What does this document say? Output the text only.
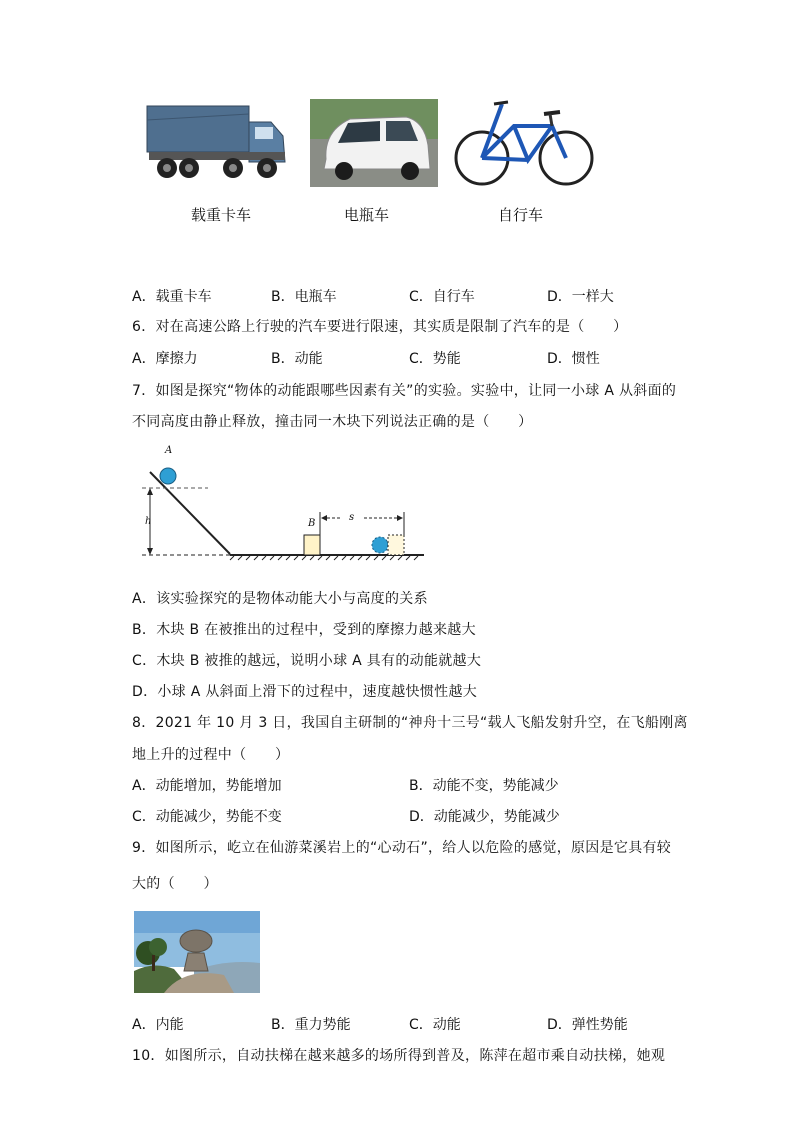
载重卡车	电瓶车	自行车
A．载重卡车	B．电瓶车	C．自行车	D．一样大
6．对在高速公路上行驶的汽车要进行限速，其实质是限制了汽车的是（　　）
A．摩擦力	B．动能	C．势能	D．惯性
7．如图是探究“物体的动能跟哪些因素有关”的实验。实验中，让同一小球 A 从斜面的
不同高度由静止释放，撞击同一木块下列说法正确的是（　　）
A
h	B
s
A．该实验探究的是物体动能大小与高度的关系
B．木块 B 在被推出的过程中，受到的摩擦力越来越大
C．木块 B 被推的越远，说明小球 A 具有的动能就越大
D．小球 A 从斜面上滑下的过程中，速度越快惯性越大
8．2021 年 10 月 3 日，我国自主研制的“神舟十三号“载人飞船发射升空，在飞船刚离
地上升的过程中（　　）
A．动能增加，势能增加	B．动能不变，势能减少
C．动能减少，势能不变	D．动能减少，势能减少
9．如图所示，屹立在仙游菜溪岩上的“心动石”，给人以危险的感觉，原因是它具有较
大的（　　）
A．内能	B．重力势能	C．动能	D．弹性势能
10．如图所示，自动扶梯在越来越多的场所得到普及，陈萍在超市乘自动扶梯，她观
